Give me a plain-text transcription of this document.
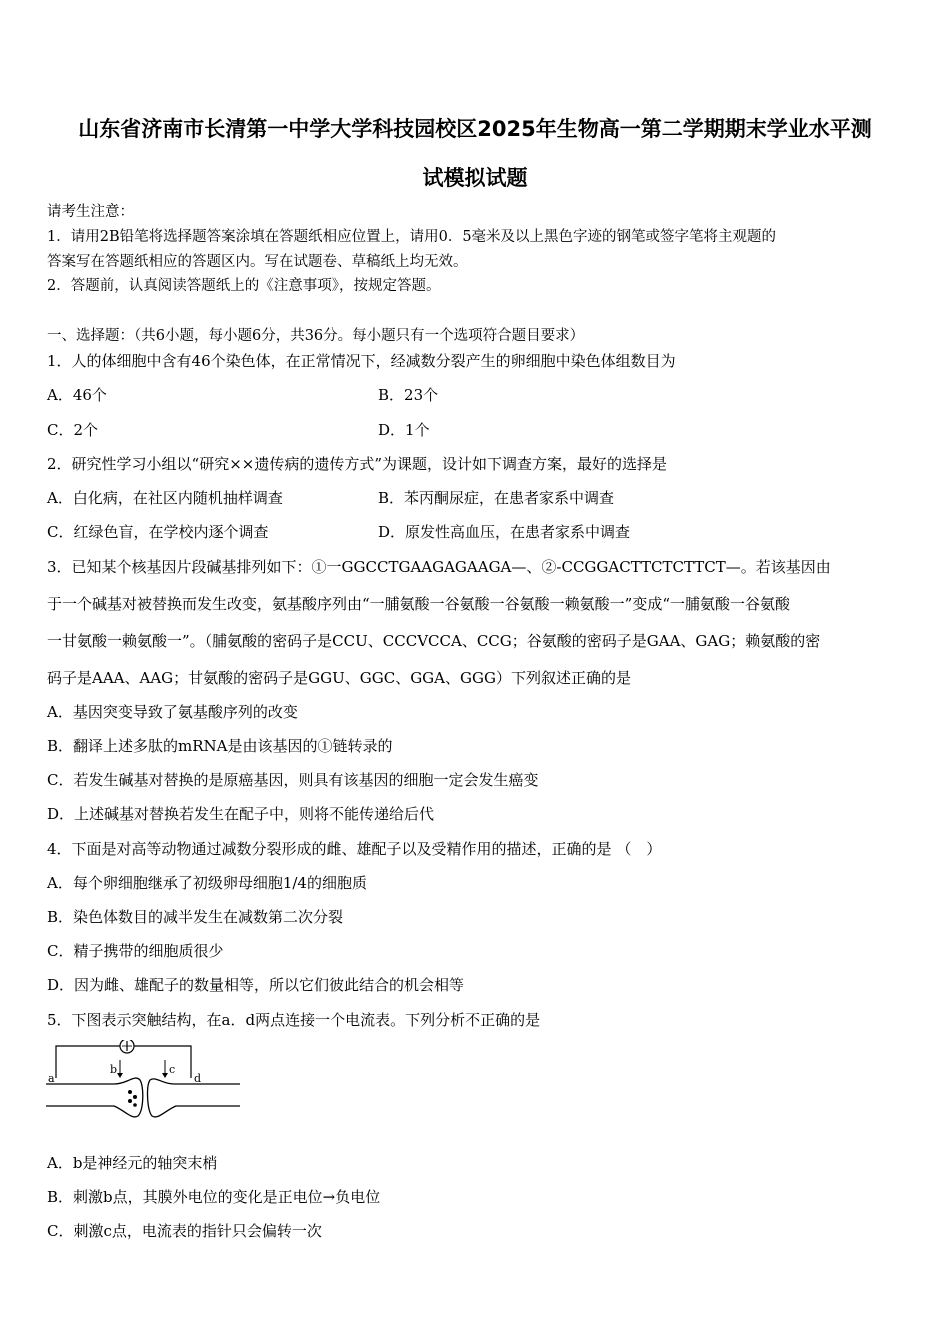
山东省济南市长清第一中学大学科技园校区2025年生物高一第二学期期末学业水平测
试模拟试题
请考生注意：
1．请用2B铅笔将选择题答案涂填在答题纸相应位置上，请用0．5毫米及以上黑色字迹的钢笔或签字笔将主观题的
答案写在答题纸相应的答题区内。写在试题卷、草稿纸上均无效。
2．答题前，认真阅读答题纸上的《注意事项》，按规定答题。
一、选择题：（共6小题，每小题6分，共36分。每小题只有一个选项符合题目要求）
1．人的体细胞中含有46个染色体，在正常情况下，经减数分裂产生的卵细胞中染色体组数目为
A．46个	B．23个
C．2个	D．1个
2．研究性学习小组以“研究××遗传病的遗传方式”为课题，设计如下调查方案，最好的选择是
A．白化病，在社区内随机抽样调查	B．苯丙酮尿症，在患者家系中调查
C．红绿色盲，在学校内逐个调查	D．原发性高血压，在患者家系中调查
3．已知某个核基因片段碱基排列如下：①一GGCCTGAAGAGAAGA—、②-CCGGACTTCTCTTCT—。若该基因由
于一个碱基对被替换而发生改变，氨基酸序列由“一脯氨酸一谷氨酸一谷氨酸一赖氨酸一”变成“一脯氨酸一谷氨酸
一甘氨酸一赖氨酸一”。（脯氨酸的密码子是CCU、CCCVCCA、CCG；谷氨酸的密码子是GAA、GAG；赖氨酸的密
码子是AAA、AAG；甘氨酸的密码子是GGU、GGC、GGA、GGG）下列叙述正确的是
A．基因突变导致了氨基酸序列的改变
B．翻译上述多肽的mRNA是由该基因的①链转录的
C．若发生碱基对替换的是原癌基因，则具有该基因的细胞一定会发生癌变
D．上述碱基对替换若发生在配子中，则将不能传递给后代
4．下面是对高等动物通过减数分裂形成的雌、雄配子以及受精作用的描述，正确的是 （　）
A．每个卵细胞继承了初级卵母细胞1/4的细胞质
B．染色体数目的减半发生在减数第二次分裂
C．精子携带的细胞质很少
D．因为雌、雄配子的数量相等，所以它们彼此结合的机会相等
5．下图表示突触结构，在a．d两点连接一个电流表。下列分析不正确的是
a
b	c
d
A．b是神经元的轴突末梢
B．刺激b点，其膜外电位的变化是正电位→负电位
C．刺激c点，电流表的指针只会偏转一次
